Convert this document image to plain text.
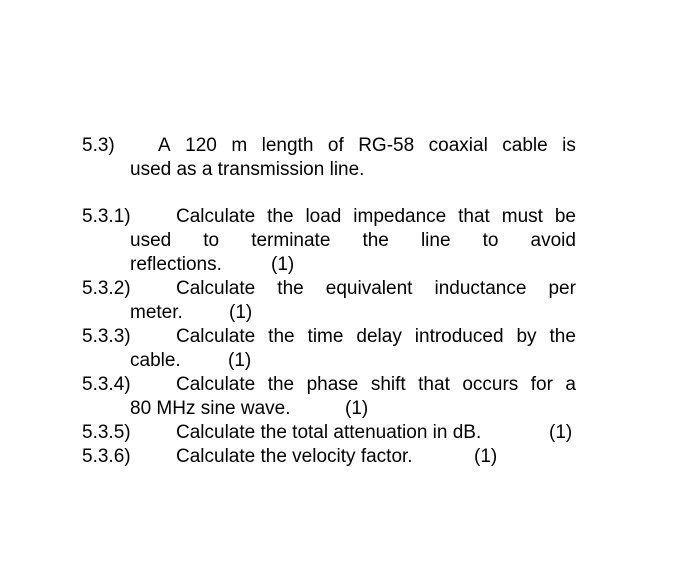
5.3) A 120 m length of RG-58 coaxial cable is
used as a transmission line.
5.3.1) Calculate the load impedance that must be
used to terminate the line to avoid
reflections.	(1)
5.3.2) Calculate the equivalent inductance per
meter. (1)
5.3.3) Calculate the time delay introduced by the
cable. (1)
5.3.4) Calculate the phase shift that occurs for a
80 MHz sine wave.	(1)
5.3.5) Calculate the total attenuation in dB.	(1)
5.3.6) Calculate the velocity factor.	(1)
